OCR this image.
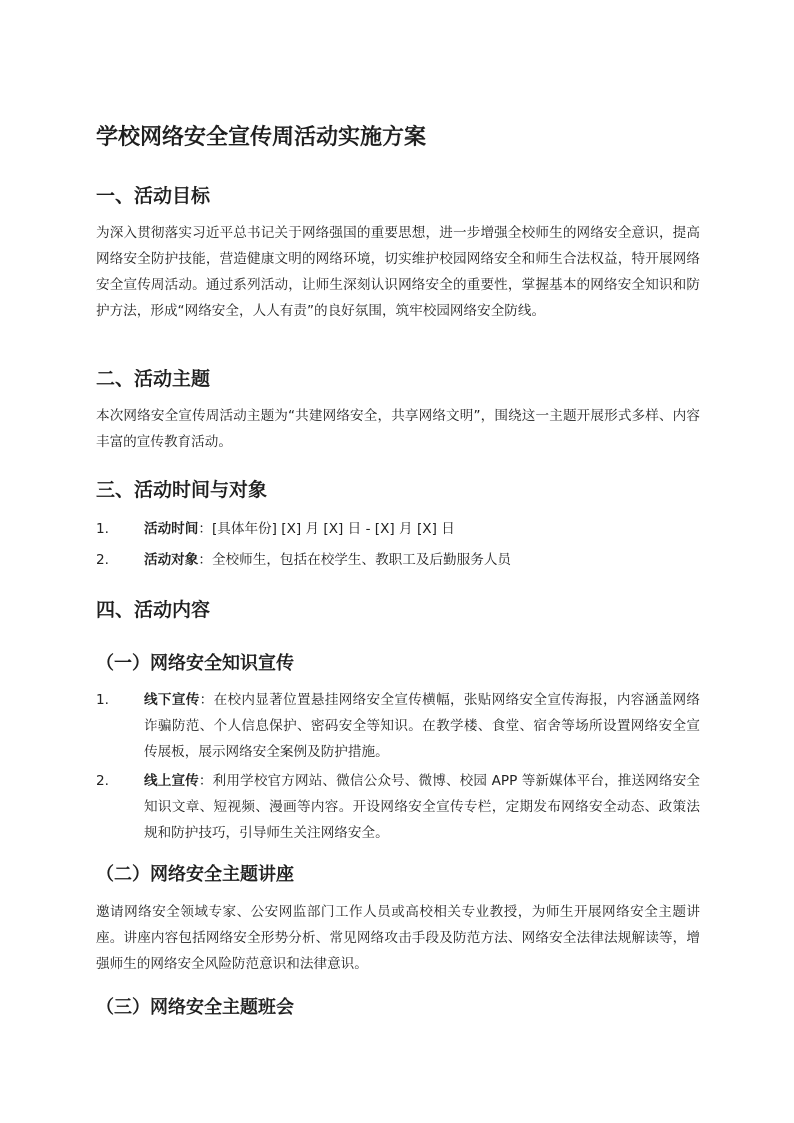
学校网络安全宣传周活动实施方案
一、活动目标

为深入贯彻落实习近平总书记关于网络强国的重要思想，进一步增强全校师生的网络安全意识，提高网络安全防护技能，营造健康文明的网络环境，切实维护校园网络安全和师生合法权益，特开展网络安全宣传周活动。通过系列活动，让师生深刻认识网络安全的重要性，掌握基本的网络安全知识和防护方法，形成“网络安全，人人有责”的良好氛围，筑牢校园网络安全防线。

二、活动主题

本次网络安全宣传周活动主题为“共建网络安全，共享网络文明”，围绕这一主题开展形式多样、内容丰富的宣传教育活动。

三、活动时间与对象
1.	活动时间：[具体年份] [X] 月 [X] 日 - [X] 月 [X] 日
2.	活动对象：全校师生，包括在校学生、教职工及后勤服务人员
四、活动内容
（一）网络安全知识宣传
1.	线下宣传：在校内显著位置悬挂网络安全宣传横幅，张贴网络安全宣传海报，内容涵盖网络诈骗防范、个人信息保护、密码安全等知识。在教学楼、食堂、宿舍等场所设置网络安全宣传展板，展示网络安全案例及防护措施。
2.	线上宣传：利用学校官方网站、微信公众号、微博、校园 APP 等新媒体平台，推送网络安全知识文章、短视频、漫画等内容。开设网络安全宣传专栏，定期发布网络安全动态、政策法规和防护技巧，引导师生关注网络安全。
（二）网络安全主题讲座

邀请网络安全领域专家、公安网监部门工作人员或高校相关专业教授，为师生开展网络安全主题讲座。讲座内容包括网络安全形势分析、常见网络攻击手段及防范方法、网络安全法律法规解读等，增强师生的网络安全风险防范意识和法律意识。

（三）网络安全主题班会
